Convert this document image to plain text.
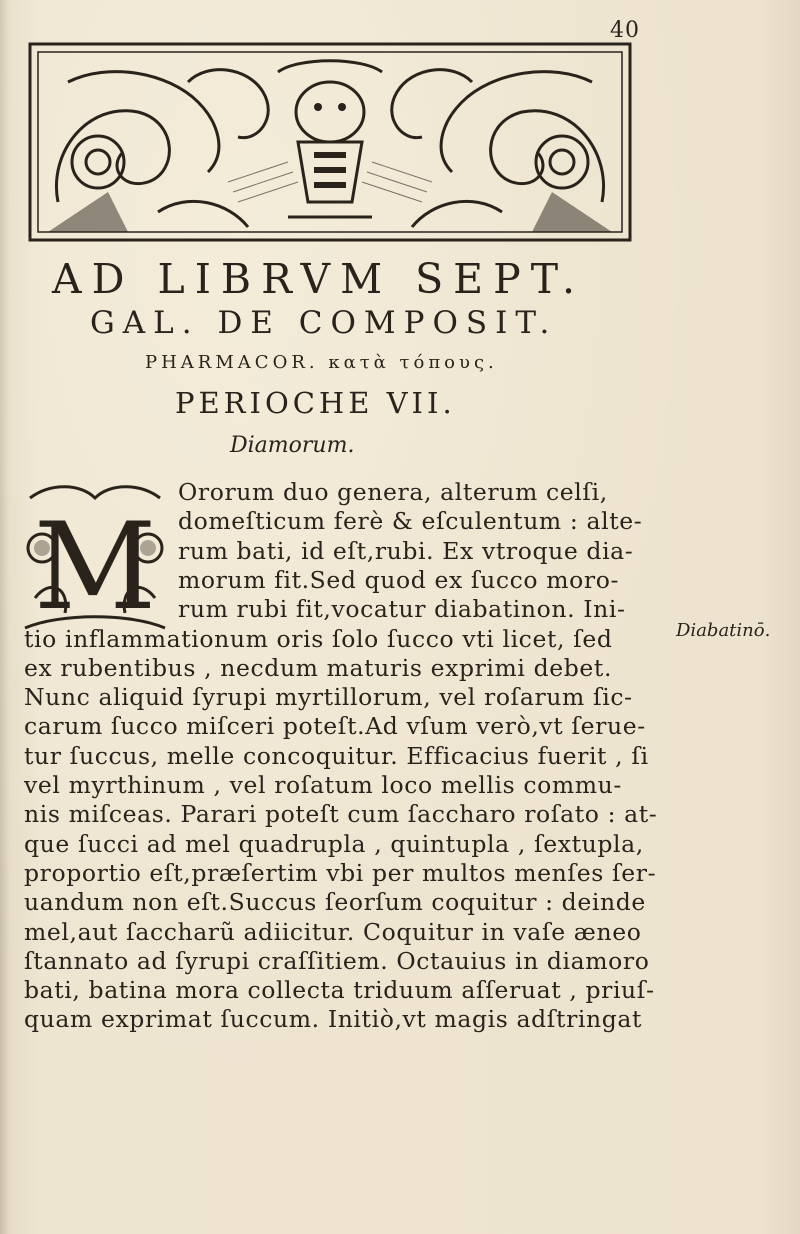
40
AD LIBRVM SEPT.
GAL. DE COMPOSIT.
PHARMACOR. κατὰ τόπους.
PERIOCHE VII.
Diamorum.
M
Ororum duo genera, alterum celſi,
domeſticum ferè & eſculentum : alte-
rum bati, id eſt,rubi. Ex vtroque dia-
morum fit.Sed quod ex ſucco moro-
rum rubi fit,vocatur diabatinon. Ini-
tio inflammationum oris ſolo ſucco vti licet, ſed
ex rubentibus , necdum maturis exprimi debet.
Nunc aliquid ſyrupi myrtillorum, vel roſarum ſic-
carum ſucco miſceri poteſt.Ad vſum verò,vt ſerue-
tur ſuccus, melle concoquitur. Efficacius fuerit , ſi
vel myrthinum , vel roſatum loco mellis commu-
nis miſceas. Parari poteſt cum ſaccharo roſato : at-
que ſucci ad mel quadrupla , quintupla , ſextupla,
proportio eſt,præſertim vbi per multos menſes ſer-
uandum non eſt.Succus ſeorſum coquitur : deinde
mel,aut ſaccharũ adiicitur. Coquitur in vaſe æneo
ſtannato ad ſyrupi craſſitiem. Octauius in diamoro
bati, batina mora collecta triduum aſſeruat , priuſ-
quam exprimat ſuccum. Initiò,vt magis adſtringat
Diabatinō.
